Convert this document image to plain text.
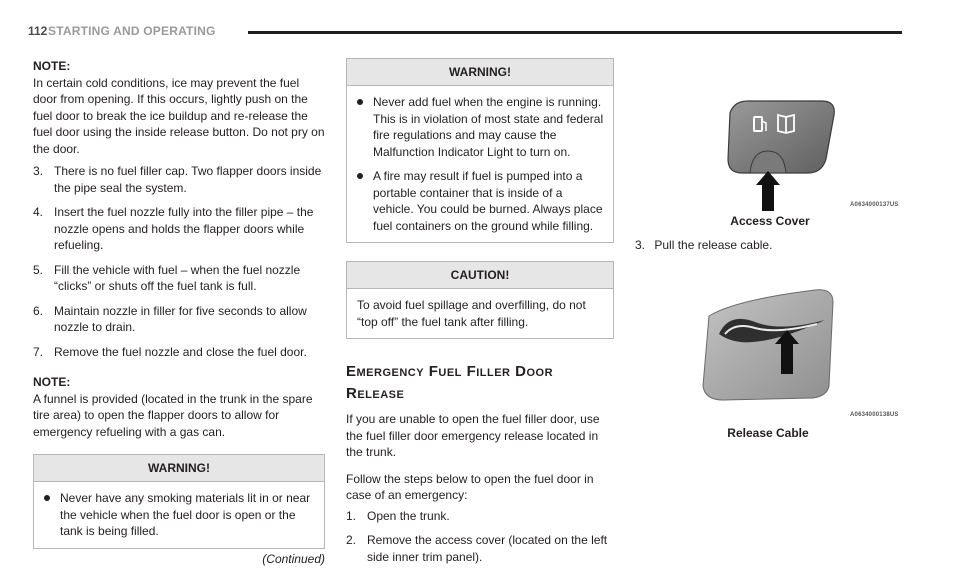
112 STARTING AND OPERATING

NOTE:

In certain cold conditions, ice may prevent the fuel door from opening. If this occurs, lightly push on the fuel door to break the ice buildup and re-release the fuel door using the inside release button. Do not pry on the door.

3. There is no fuel filler cap. Two flapper doors inside the pipe seal the system.
4. Insert the fuel nozzle fully into the filler pipe – the nozzle opens and holds the flapper doors while refueling.
5. Fill the vehicle with fuel – when the fuel nozzle “clicks” or shuts off the fuel tank is full.
6. Maintain nozzle in filler for five seconds to allow nozzle to drain.
7. Remove the fuel nozzle and close the fuel door.

NOTE:

A funnel is provided (located in the trunk in the spare tire area) to open the flapper doors to allow for emergency refueling with a gas can.

WARNING!
Never have any smoking materials lit in or near the vehicle when the fuel door is open or the tank is being filled.

(Continued)

WARNING!
Never add fuel when the engine is running. This is in violation of most state and federal fire regulations and may cause the Malfunction Indicator Light to turn on.
A fire may result if fuel is pumped into a portable container that is inside of a vehicle. You could be burned. Always place fuel containers on the ground while filling.
CAUTION!
To avoid fuel spillage and overfilling, do not “top off” the fuel tank after filling.

Emergency Fuel Filler Door Release

If you are unable to open the fuel filler door, use the fuel filler door emergency release located in the trunk.

Follow the steps below to open the fuel door in case of an emergency:

1. Open the trunk.
2. Remove the access cover (located on the left side inner trim panel).
A0634000137US
Access Cover
3. Pull the release cable.
A0634000138US
Release Cable
